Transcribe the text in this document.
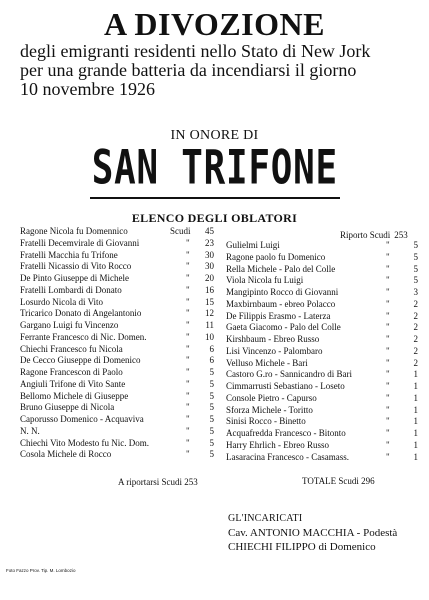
A DIVOZIONE
degli emigranti residenti nello Stato di New Jork
per una grande batteria da incendiarsi il giorno
10 novembre 1926
IN ONORE DI
SAN TRIFONE
ELENCO DEGLI OBLATORI
Riporto Scudi 253
Ragone Nicola fu Domennico	Scudi	45
Fratelli Decemvirale di Giovanni	"	23
Fratelli Macchia fu Trifone	"	30
Fratelli Nicassio di Vito Rocco	"	30
De Pinto Giuseppe di Michele	"	20
Fratelli Lombardi di Donato	"	16
Losurdo Nicola di Vito	"	15
Tricarico Donato di Angelantonio	"	12
Gargano Luigi fu Vincenzo	"	11
Ferrante Francesco di Nic. Domen.	"	10
Chiechi Francesco fu Nicola	"	6
De Cecco Giuseppe di Domenico	"	6
Ragone Francescon di Paolo	"	5
Angiuli Trifone di Vito Sante	"	5
Bellomo Michele di Giuseppe	"	5
Bruno Giuseppe di Nicola	"	5
Caporusso Domenico - Acquaviva	"	5
N. N.	"	5
Chiechi Vito Modesto fu Nic. Dom.	"	5
Cosola Michele di Rocco	"	5
Gulielmi Luigi	"	5
Ragone paolo fu Domenico	"	5
Rella Michele - Palo del Colle	"	5
Viola Nicola fu Luigi	"	5
Mangipinto Rocco di Giovanni	"	3
Maxbirnbaum - ebreo Polacco	"	2
De Filippis Erasmo - Laterza	"	2
Gaeta Giacomo - Palo del Colle	"	2
Kirshbaum - Ebreo Russo	"	2
Lisi Vincenzo - Palombaro	"	2
Velluso Michele - Bari	"	2
Castoro G.ro - Sannicandro di Bari	"	1
Cimmarrusti Sebastiano - Loseto	"	1
Console Pietro - Capurso	"	1
Sforza Michele - Toritto	"	1
Sinisi Rocco - Binetto	"	1
Acquafredda Francesco - Bitonto	"	1
Harry Ehrlich - Ebreo Russo	"	1
Lasaracina Francesco - Casamass.	"	1
A riportarsi Scudi 253	TOTALE Scudi 296
GL'INCARICATI
Cav. ANTONIO MACCHIA - Podestà
CHIECHI FILIPPO di Domenico
Foto Fazzo Prov. Tip. M. Lombozio
